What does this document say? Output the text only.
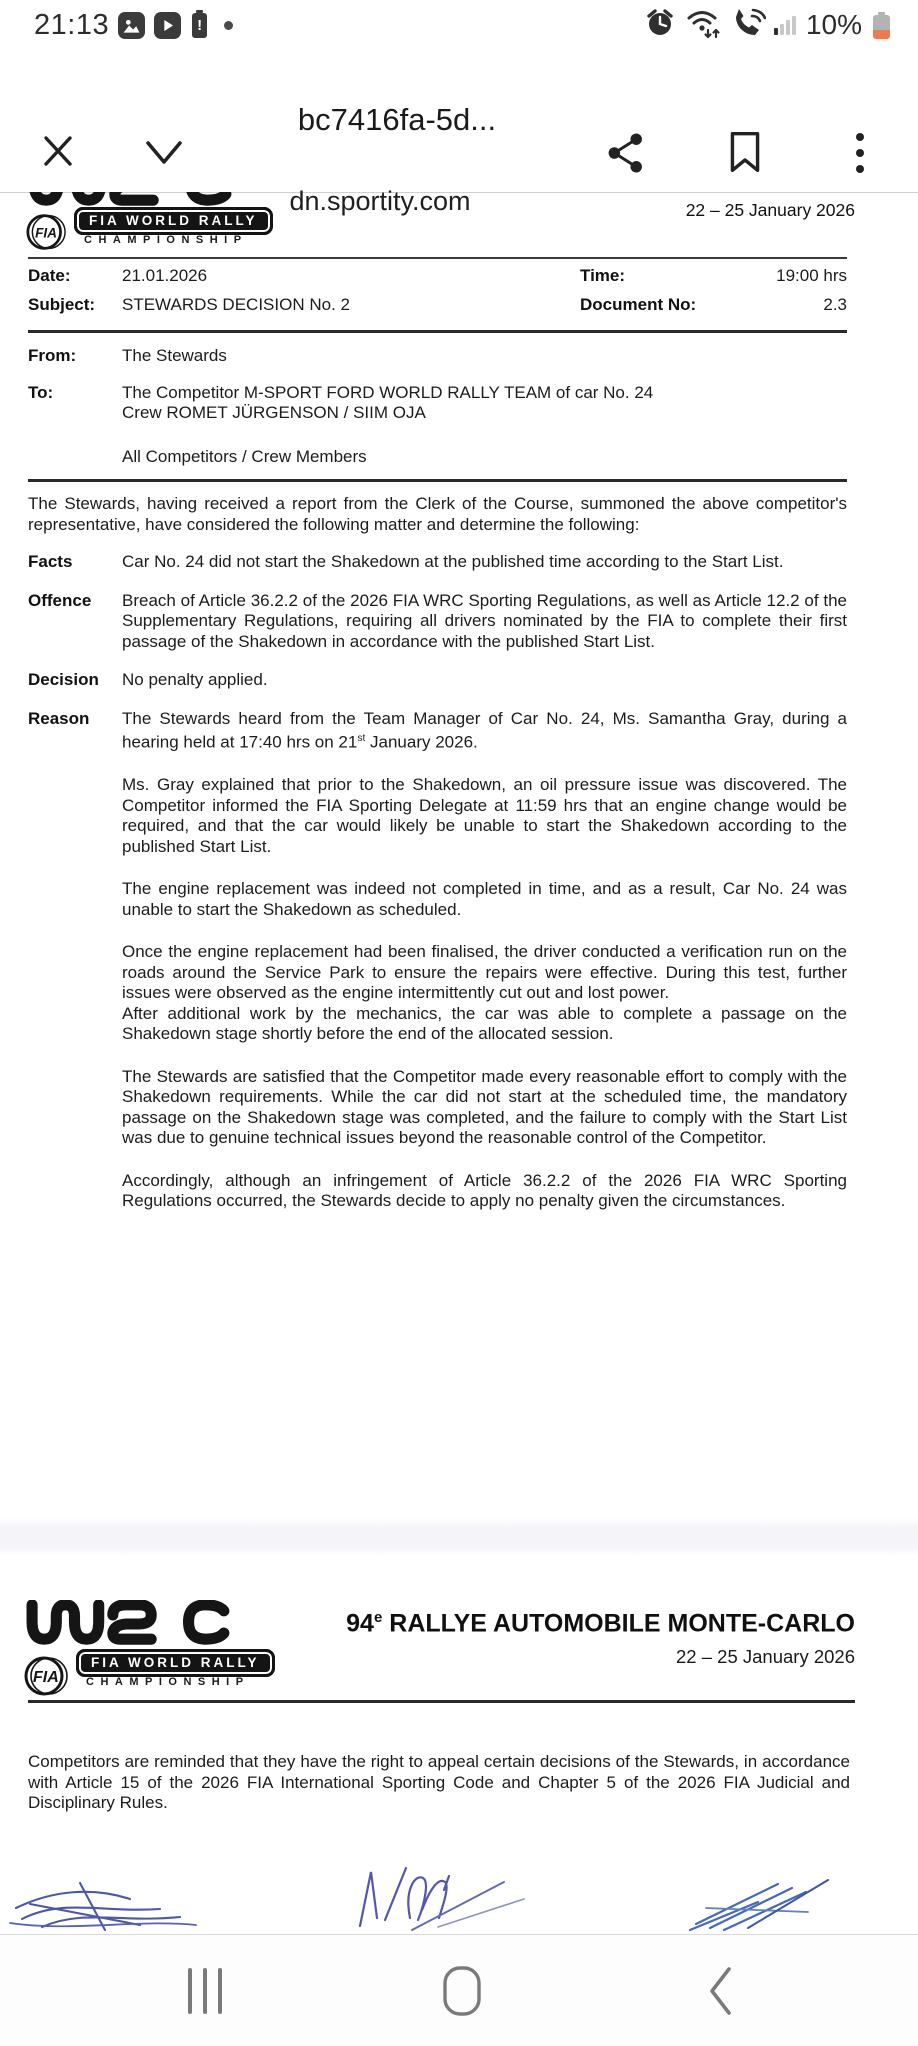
21:13	!	10%
bc7416fa-5d...
dn.sportity.com	22 – 25 January 2026
FIA
FIA WORLD RALLY
CHAMPIONSHIP
Date:	21.01.2026	Time:	19:00 hrs
Subject:	STEWARDS DECISION No. 2	Document No:	2.3
From:	The Stewards
To:	The Competitor M-SPORT FORD WORLD RALLY TEAM of car No. 24
Crew ROMET JÜRGENSON / SIIM OJA
All Competitors / Crew Members
The Stewards, having received a report from the Clerk of the Course, summoned the above competitor's representative, have considered the following matter and determine the following:
Facts	Car No. 24 did not start the Shakedown at the published time according to the Start List.
Offence	Breach of Article 36.2.2 of the 2026 FIA WRC Sporting Regulations, as well as Article 12.2 of the Supplementary Regulations, requiring all drivers nominated by the FIA to complete their first passage of the Shakedown in accordance with the published Start List.
Decision	No penalty applied.
Reason	The Stewards heard from the Team Manager of Car No. 24, Ms. Samantha Gray, during a hearing held at 17:40 hrs on 21st January 2026.

Ms. Gray explained that prior to the Shakedown, an oil pressure issue was discovered. The Competitor informed the FIA Sporting Delegate at 11:59 hrs that an engine change would be required, and that the car would likely be unable to start the Shakedown according to the published Start List.

The engine replacement was indeed not completed in time, and as a result, Car No. 24 was unable to start the Shakedown as scheduled.

Once the engine replacement had been finalised, the driver conducted a verification run on the roads around the Service Park to ensure the repairs were effective. During this test, further issues were observed as the engine intermittently cut out and lost power.

After additional work by the mechanics, the car was able to complete a passage on the Shakedown stage shortly before the end of the allocated session.

The Stewards are satisfied that the Competitor made every reasonable effort to comply with the Shakedown requirements. While the car did not start at the scheduled time, the mandatory passage on the Shakedown stage was completed, and the failure to comply with the Start List was due to genuine technical issues beyond the reasonable control of the Competitor.

Accordingly, although an infringement of Article 36.2.2 of the 2026 FIA WRC Sporting Regulations occurred, the Stewards decide to apply no penalty given the circumstances.

FIA
FIA WORLD RALLY
CHAMPIONSHIP
94e RALLYE AUTOMOBILE MONTE-CARLO
22 – 25 January 2026
Competitors are reminded that they have the right to appeal certain decisions of the Stewards, in accordance with Article 15 of the 2026 FIA International Sporting Code and Chapter 5 of the 2026 FIA Judicial and Disciplinary Rules.
